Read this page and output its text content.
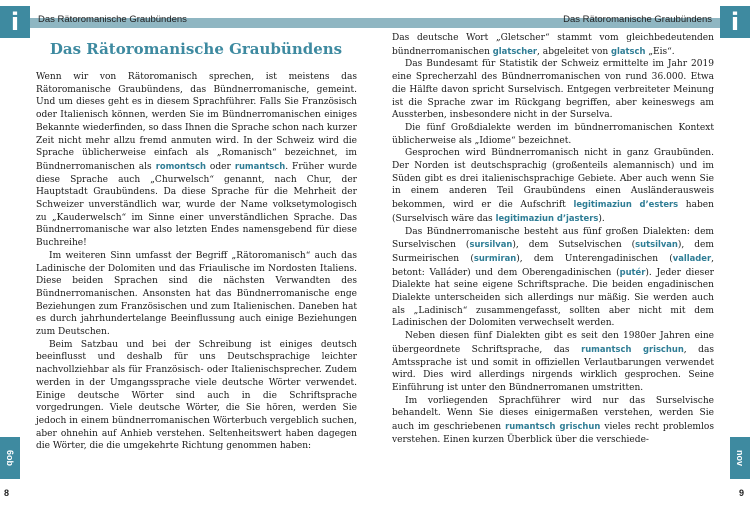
i	Das Rätoromanische Graubündens
Das Rätoromanische Graubündens

Wenn wir von Rätoromanisch sprechen, ist meistens das Rätoromanische Graubündens, das Bündnerromanische, gemeint. Und um dieses geht es in diesem Sprachführer. Falls Sie Französisch oder Italienisch können, werden Sie im Bündnerromanischen einiges Bekannte wiederfinden, so dass Ihnen die Sprache schon nach kurzer Zeit nicht mehr allzu fremd anmuten wird. In der Schweiz wird die Sprache üblicherweise einfach als „Romanisch“ bezeichnet, im Bündnerromanischen als romontsch oder rumantsch. Früher wurde diese Sprache auch „Churwelsch“ genannt, nach Chur, der Hauptstadt Graubündens. Da diese Sprache für die Mehrheit der Schweizer unverständlich war, wurde der Name volksetymologisch zu „Kauderwelsch“ im Sinne einer unverständlichen Sprache. Das Bündnerromanische war also letzten Endes namensgebend für diese Buchreihe!

Im weiteren Sinn umfasst der Begriff „Rätoromanisch“ auch das Ladinische der Dolomiten und das Friaulische im Nordosten Italiens. Diese beiden Sprachen sind die nächsten Verwandten des Bündnerromanischen. Ansonsten hat das Bündnerromanische enge Beziehungen zum Französischen und zum Italienischen. Daneben hat es durch jahrhundertelange Beeinflussung auch einige Beziehungen zum Deutschen.

Beim Satzbau und bei der Schreibung ist einiges deutsch beeinflusst und deshalb für uns Deutschsprachige leichter nachvollziehbar als für Französisch- oder Italienischsprecher. Zudem werden in der Umgangssprache viele deutsche Wörter verwendet. Einige deutsche Wörter sind auch in die Schriftsprache vorgedrungen. Viele deutsche Wörter, die Sie hören, werden Sie jedoch in einem bündnerromanischen Wörterbuch vergeblich suchen, aber ohnehin auf Anhieb verstehen. Seltenheitswert haben dagegen die Wörter, die die umgekehrte Richtung genommen haben:

6ob
8
Das Rätoromanische Graubündens i

Das deutsche Wort „Gletscher“ stammt vom gleichbedeutenden bündnerromanischen glatscher, abgeleitet von glatsch „Eis“.

Das Bundesamt für Statistik der Schweiz ermittelte im Jahr 2019 eine Sprecherzahl des Bündnerromanischen von rund 36.000. Etwa die Hälfte davon spricht Surselvisch. Entgegen verbreiteter Meinung ist die Sprache zwar im Rückgang begriffen, aber keineswegs am Aussterben, insbesondere nicht in der Surselva.

Die fünf Großdialekte werden im bündnerromanischen Kontext üblicherweise als „Idiome“ bezeichnet.

Gesprochen wird Bündnerromanisch nicht in ganz Graubünden. Der Norden ist deutschsprachig (großenteils alemannisch) und im Süden gibt es drei italienischsprachige Gebiete. Aber auch wenn Sie in einem anderen Teil Graubündens einen Ausländerausweis bekommen, wird er die Aufschrift legitimaziun d’esters haben (Surselvisch wäre das legitimaziun d’jasters).

Das Bündnerromanische besteht aus fünf großen Dialekten: dem Surselvischen (sursilvan), dem Sutselvischen (sutsilvan), dem Surmeirischen (surmiran), dem Unterengadinischen (vallader, betont: Valláder) und dem Oberengadinischen (putér). Jeder dieser Dialekte hat seine eigene Schriftsprache. Die beiden engadinischen Dialekte unterscheiden sich allerdings nur mäßig. Sie werden auch als „Ladinisch“ zusammengefasst, sollten aber nicht mit dem Ladinischen der Dolomiten verwechselt werden.

Neben diesen fünf Dialekten gibt es seit den 1980er Jahren eine übergeordnete Schriftsprache, das rumantsch grischun, das Amtssprache ist und somit in offiziellen Verlautbarungen verwendet wird. Dies wird allerdings nirgends wirklich gesprochen. Seine Einführung ist unter den Bündnerromanen umstritten.

Im vorliegenden Sprachführer wird nur das Surselvische behandelt. Wenn Sie dieses einigermaßen verstehen, werden Sie auch im geschriebenen rumantsch grischun vieles recht problemlos verstehen. Einen kurzen Überblick über die verschiede-

nov
9
